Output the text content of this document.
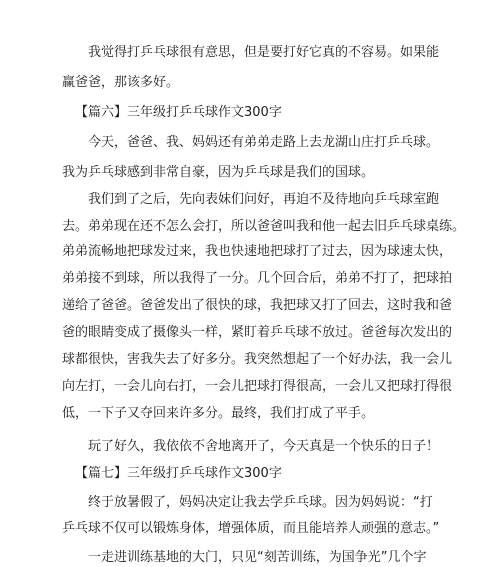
我觉得打乒乓球很有意思，但是要打好它真的不容易。如果能
赢爸爸，那该多好。
【篇六】三年级打乒乓球作文300字
今天，爸爸、我、妈妈还有弟弟走路上去龙湖山庄打乒乓球。
我为乒乓球感到非常自豪，因为乒乓球是我们的国球。
我们到了之后，先向表妹们问好，再迫不及待地向乒乓球室跑
去。弟弟现在还不怎么会打，所以爸爸叫我和他一起去旧乒乓球桌练。
弟弟流畅地把球发过来，我也快速地把球打了过去，因为球速太快，
弟弟接不到球，所以我得了一分。几个回合后，弟弟不打了，把球拍
递给了爸爸。爸爸发出了很快的球，我把球又打了回去，这时我和爸
爸的眼睛变成了摄像头一样，紧盯着乒乓球不放过。爸爸每次发出的
球都很快，害我失去了好多分。我突然想起了一个好办法，我一会儿
向左打，一会儿向右打，一会儿把球打得很高，一会儿又把球打得很
低，一下子又夺回来许多分。最终，我们打成了平手。
玩了好久，我依依不舍地离开了，今天真是一个快乐的日子！
【篇七】三年级打乒乓球作文300字
终于放暑假了，妈妈决定让我去学乒乓球。因为妈妈说：“打
乒乓球不仅可以锻炼身体，增强体质，而且能培养人顽强的意志。”
一走进训练基地的大门，只见“刻苦训练，为国争光”几个字
